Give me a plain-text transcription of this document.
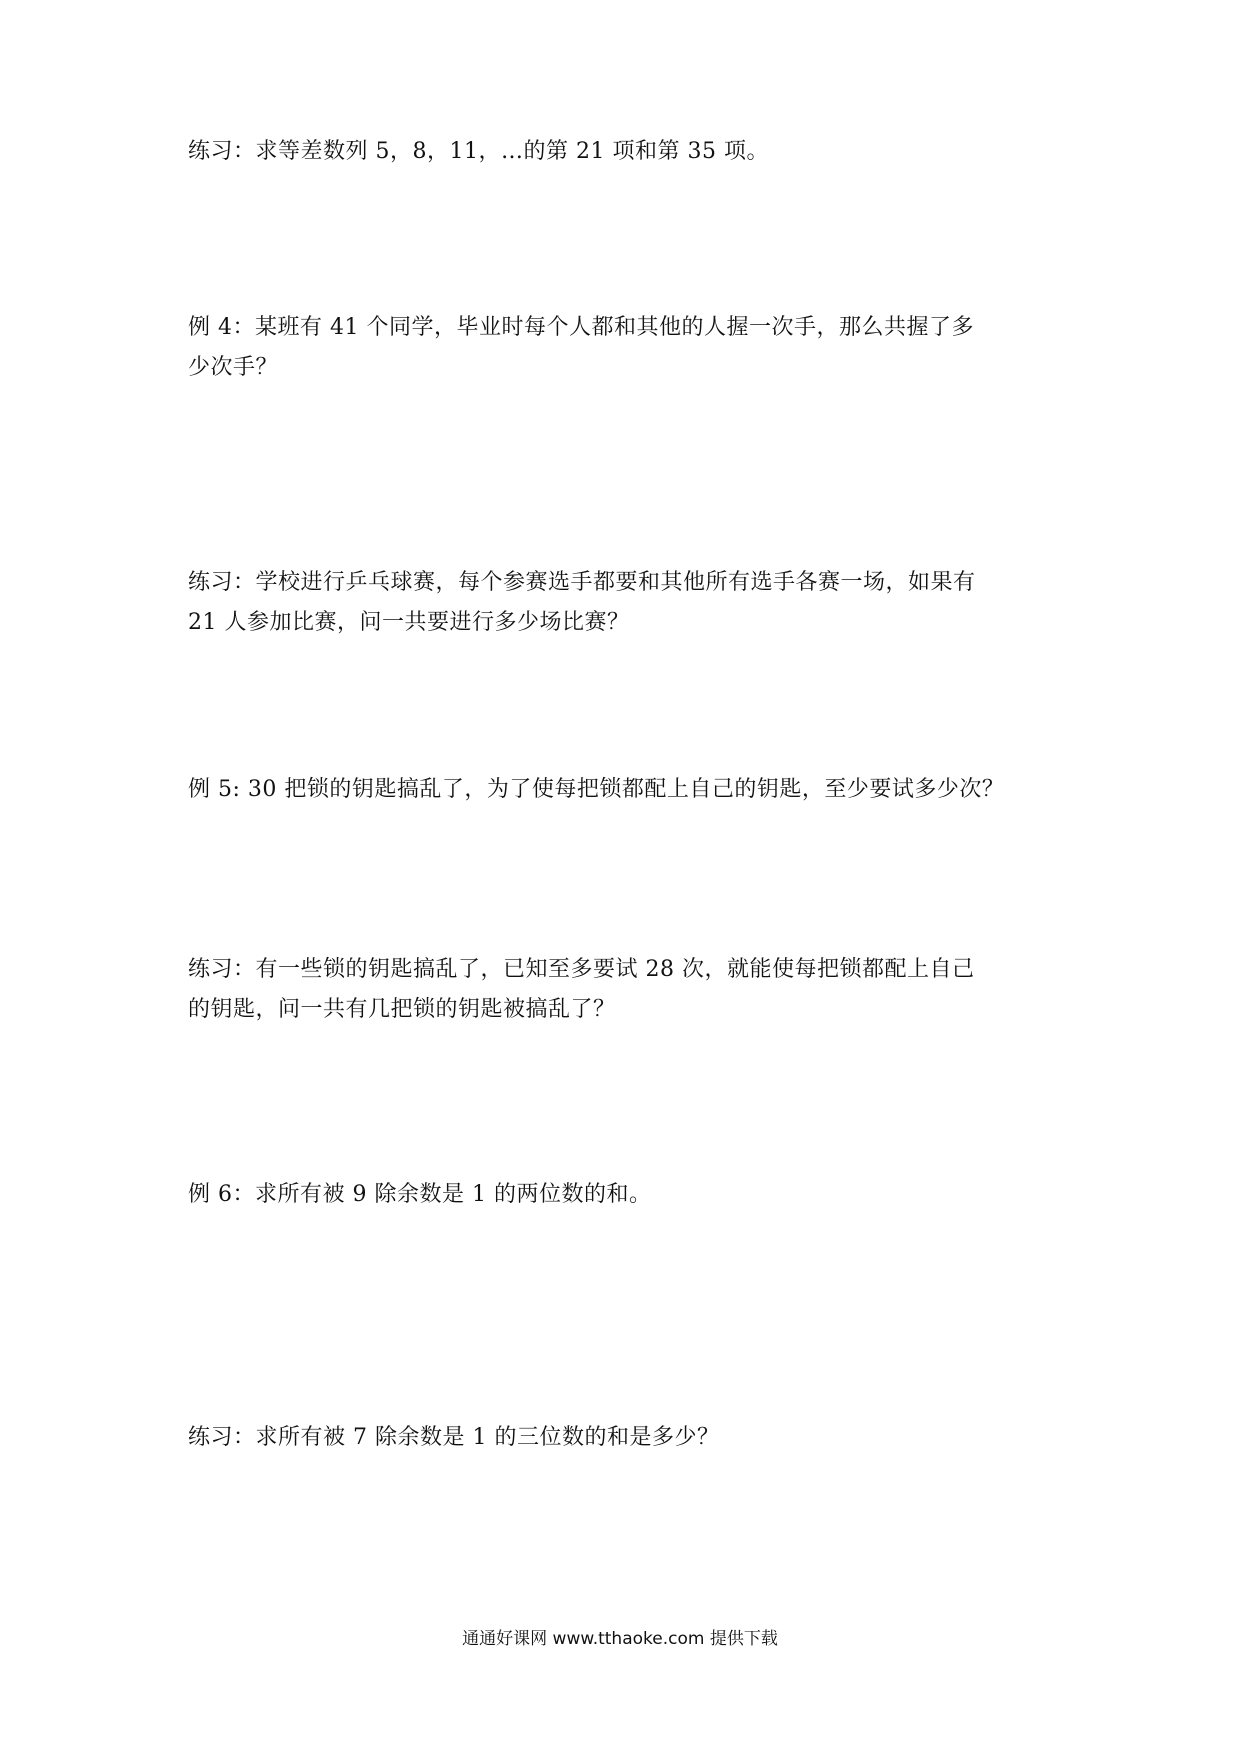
练习：求等差数列 5，8，11，…的第 21 项和第 35 项。

例 4：某班有 41 个同学，毕业时每个人都和其他的人握一次手，那么共握了多
少次手？

练习：学校进行乒乓球赛，每个参赛选手都要和其他所有选手各赛一场，如果有
21 人参加比赛，问一共要进行多少场比赛？

例 5: 30 把锁的钥匙搞乱了，为了使每把锁都配上自己的钥匙，至少要试多少次？

练习：有一些锁的钥匙搞乱了，已知至多要试 28 次，就能使每把锁都配上自己
的钥匙，问一共有几把锁的钥匙被搞乱了？

例 6：求所有被 9 除余数是 1 的两位数的和。

练习：求所有被 7 除余数是 1 的三位数的和是多少？

通通好课网 www.tthaoke.com 提供下载
